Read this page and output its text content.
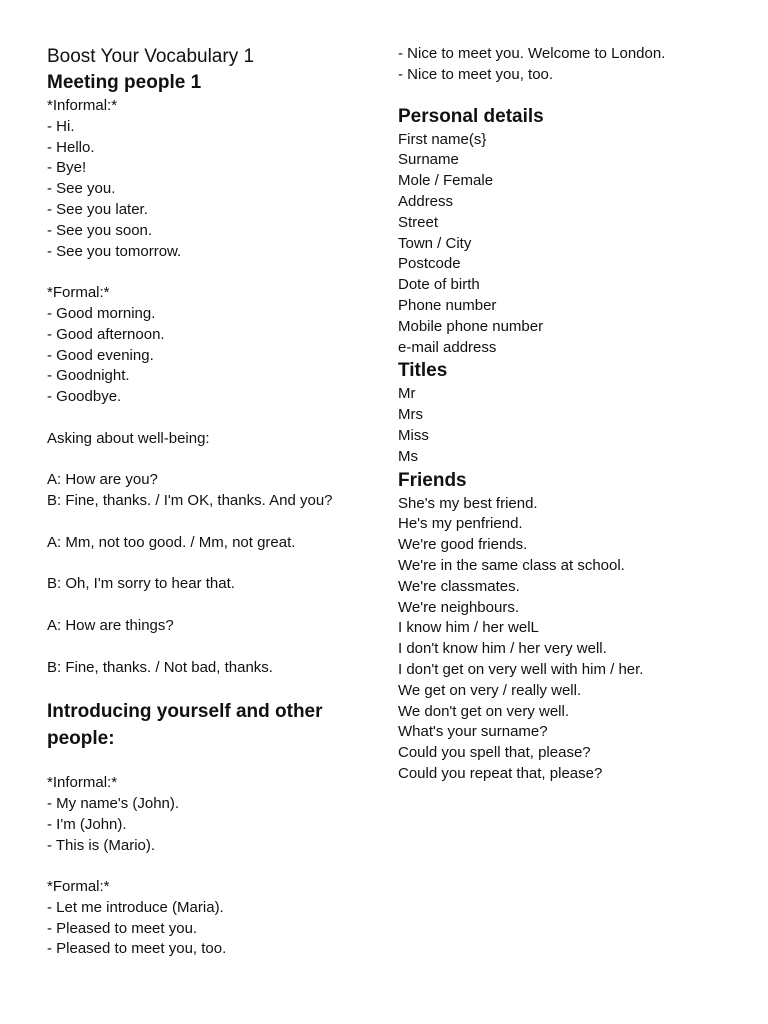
Boost Your Vocabulary 1
Meeting people 1
*Informal:*
- Hi.
- Hello.
- Bye!
- See you.
- See you later.
- See you soon.
- See you tomorrow.
*Formal:*
- Good morning.
- Good afternoon.
- Good evening.
- Goodnight.
- Goodbye.
Asking about well-being:
A: How are you?
B: Fine, thanks. / I'm OK, thanks. And you?
A: Mm, not too good. / Mm, not great.
B: Oh, I'm sorry to hear that.
A: How are things?
B: Fine, thanks. / Not bad, thanks.
Introducing yourself and other people:
*Informal:*
- My name's (John).
- I'm (John).
- This is (Mario).
*Formal:*
- Let me introduce (Maria).
- Pleased to meet you.
- Pleased to meet you, too.
- Nice to meet you. Welcome to London.
- Nice to meet you, too.
Personal details
First name(s}
Surname
Mole / Female
Address
Street
Town / City
Postcode
Dote of birth
Phone number
Mobile phone number
e-mail address
Titles
Mr
Mrs
Miss
Ms
Friends
She's my best friend.
He's my penfriend.
We're good friends.
We're in the same class at school.
We're classmates.
We're neighbours.
I know him / her welL
I don't know him / her very well.
I don't get on very well with him / her.
We get on very / really well.
We don't get on very well.
What's your surname?
Could you spell that, please?
Could you repeat that, please?
